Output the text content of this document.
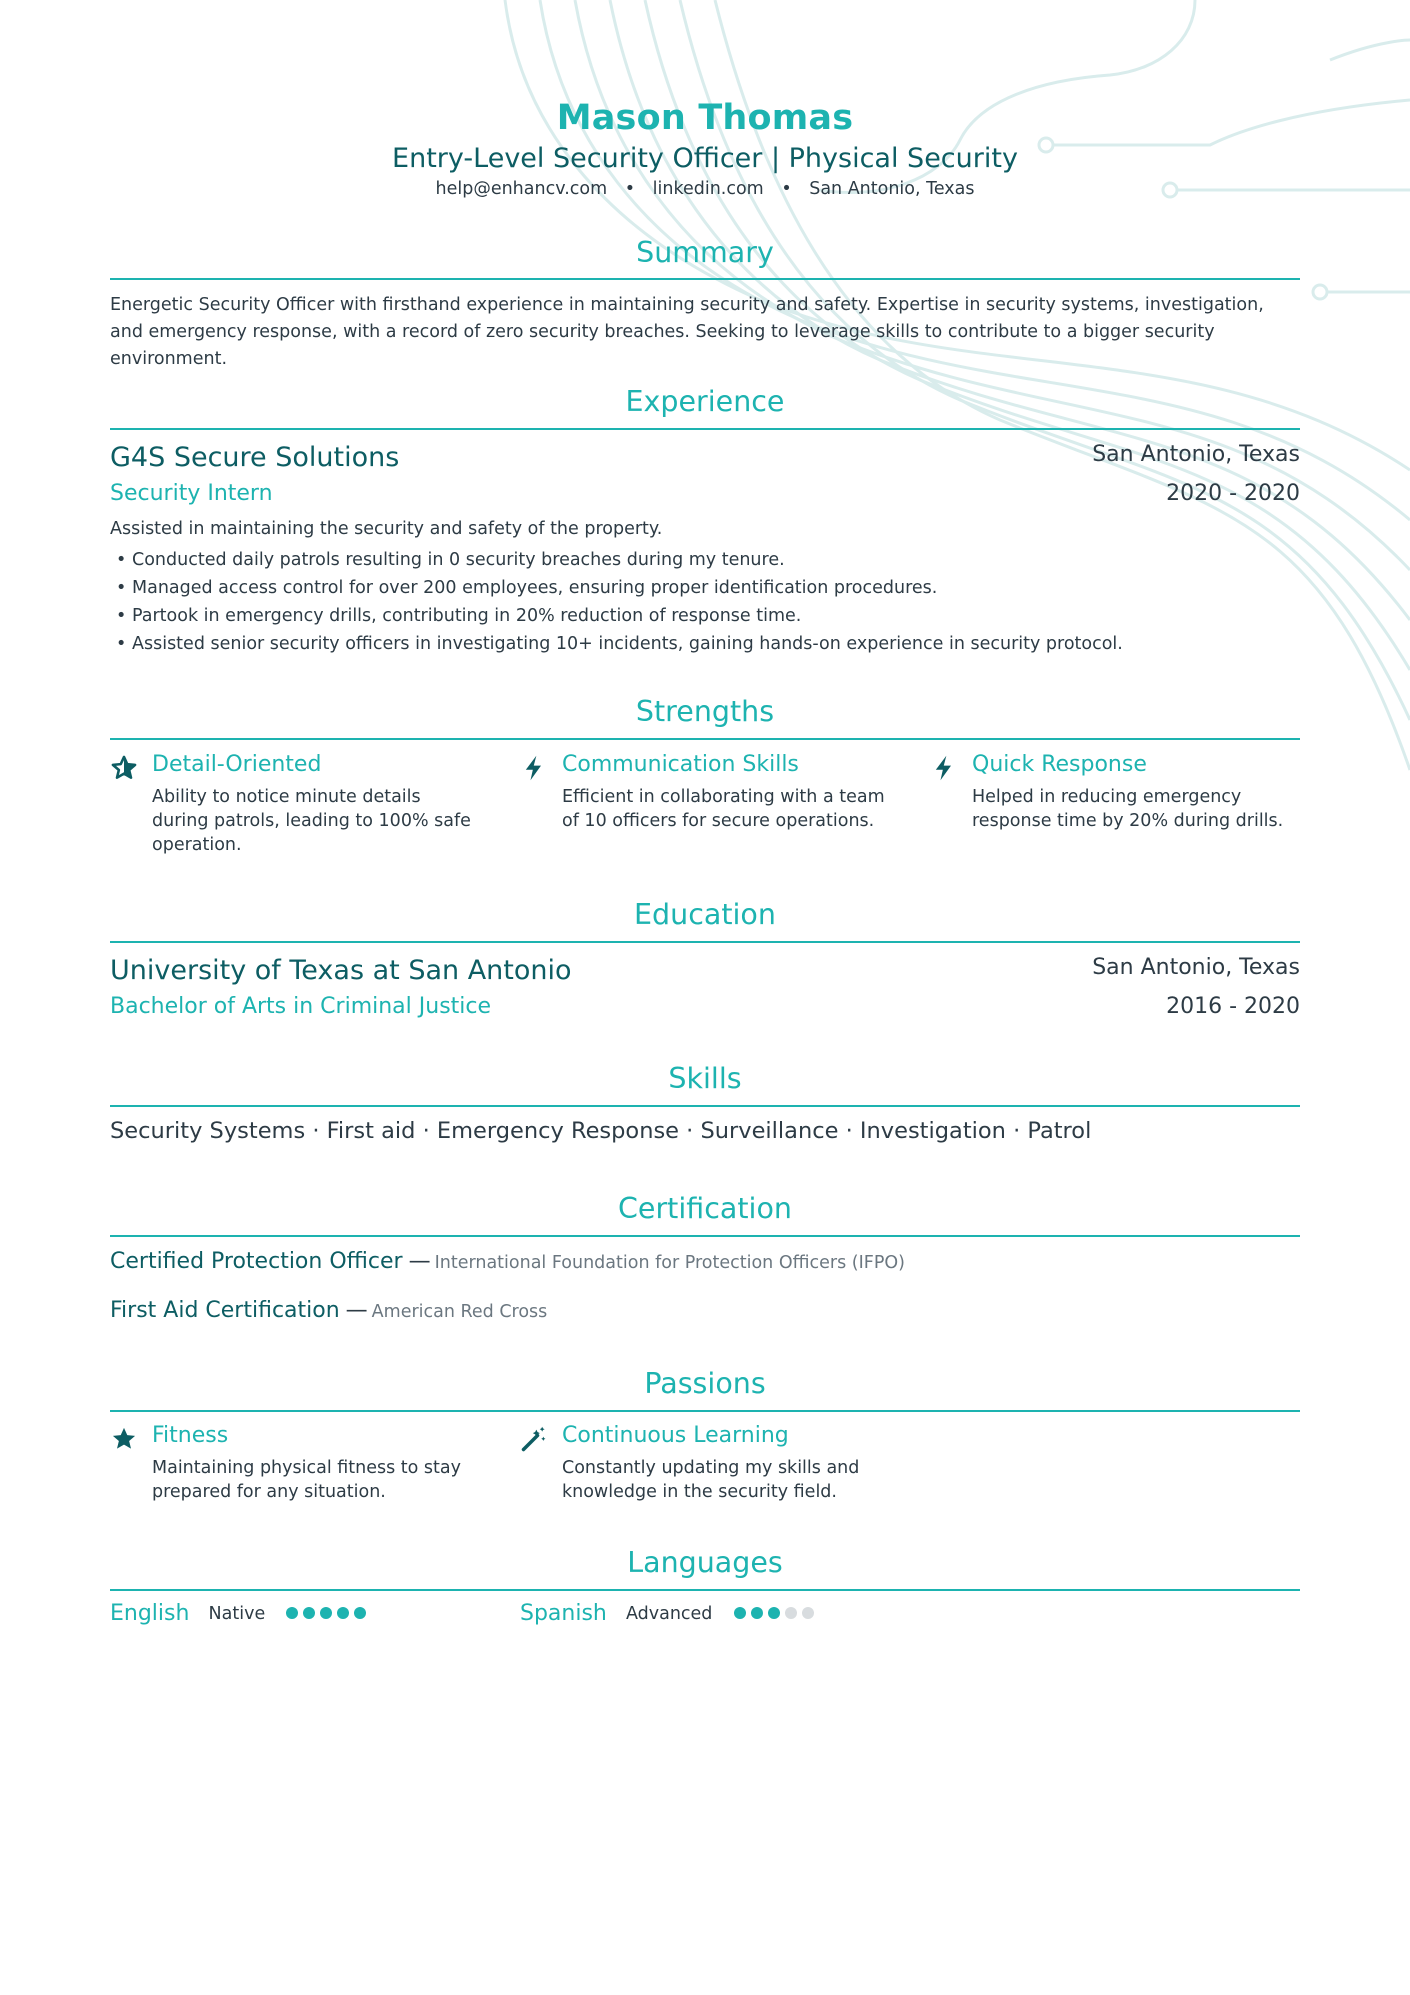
Mason Thomas
Entry-Level Security Officer | Physical Security
help@enhancv.com • linkedin.com • San Antonio, Texas
Summary
Energetic Security Officer with firsthand experience in maintaining security and safety. Expertise in security systems, investigation, and emergency response, with a record of zero security breaches. Seeking to leverage skills to contribute to a bigger security environment.
Experience
G4S Secure Solutions	San Antonio, Texas
Security Intern	2020 - 2020
Assisted in maintaining the security and safety of the property.
• Conducted daily patrols resulting in 0 security breaches during my tenure.
• Managed access control for over 200 employees, ensuring proper identification procedures.
• Partook in emergency drills, contributing in 20% reduction of response time.
• Assisted senior security officers in investigating 10+ incidents, gaining hands-on experience in security protocol.
Strengths
Detail-Oriented
Ability to notice minute details during patrols, leading to 100% safe operation.
Communication Skills
Efficient in collaborating with a team of 10 officers for secure operations.
Quick Response
Helped in reducing emergency response time by 20% during drills.
Education
University of Texas at San Antonio	San Antonio, Texas
Bachelor of Arts in Criminal Justice	2016 - 2020
Skills
Security Systems · First aid · Emergency Response · Surveillance · Investigation · Patrol
Certification
Certified Protection Officer — International Foundation for Protection Officers (IFPO)
First Aid Certification — American Red Cross
Passions
Fitness
Maintaining physical fitness to stay prepared for any situation.
Continuous Learning
Constantly updating my skills and knowledge in the security field.
Languages
English Native	Spanish Advanced
